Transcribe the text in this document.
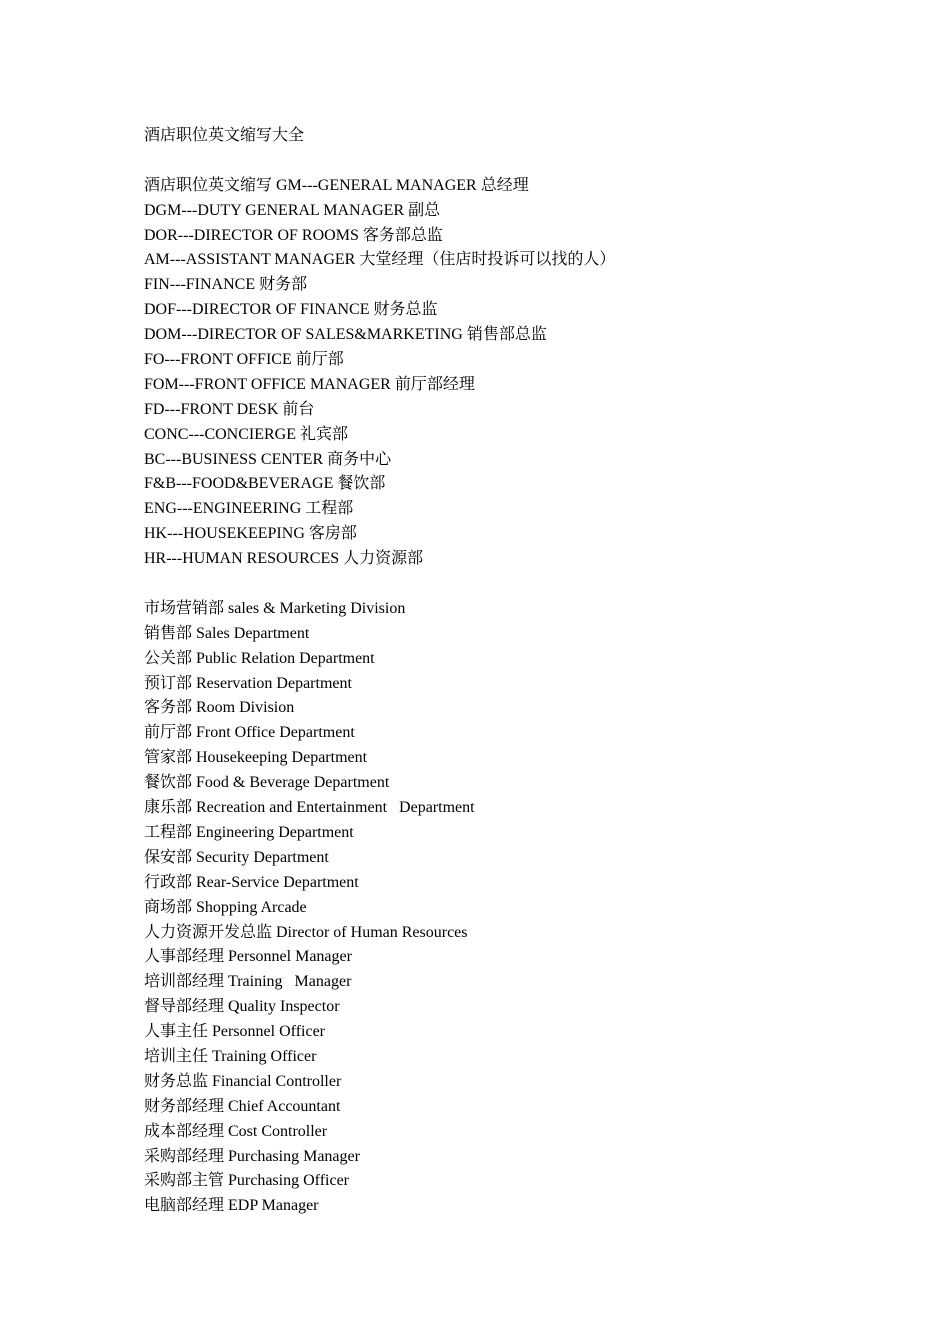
酒店职位英文缩写大全
酒店职位英文缩写 GM---GENERAL MANAGER 总经理
DGM---DUTY GENERAL MANAGER 副总
DOR---DIRECTOR OF ROOMS 客务部总监
AM---ASSISTANT MANAGER 大堂经理（住店时投诉可以找的人）
FIN---FINANCE 财务部
DOF---DIRECTOR OF FINANCE 财务总监
DOM---DIRECTOR OF SALES&MARKETING 销售部总监
FO---FRONT OFFICE 前厅部
FOM---FRONT OFFICE MANAGER 前厅部经理
FD---FRONT DESK 前台
CONC---CONCIERGE 礼宾部
BC---BUSINESS CENTER 商务中心
F&B---FOOD&BEVERAGE 餐饮部
ENG---ENGINEERING 工程部
HK---HOUSEKEEPING 客房部
HR---HUMAN RESOURCES 人力资源部
市场营销部 sales & Marketing Division
销售部 Sales Department
公关部 Public Relation Department
预订部 Reservation Department
客务部 Room Division
前厅部 Front Office Department
管家部 Housekeeping Department
餐饮部 Food & Beverage Department
康乐部 Recreation and Entertainment   Department
工程部 Engineering Department
保安部 Security Department
行政部 Rear-Service Department
商场部 Shopping Arcade
人力资源开发总监 Director of Human Resources
人事部经理 Personnel Manager
培训部经理 Training   Manager
督导部经理 Quality Inspector
人事主任 Personnel Officer
培训主任 Training Officer
财务总监 Financial Controller
财务部经理 Chief Accountant
成本部经理 Cost Controller
采购部经理 Purchasing Manager
采购部主管 Purchasing Officer
电脑部经理 EDP Manager
